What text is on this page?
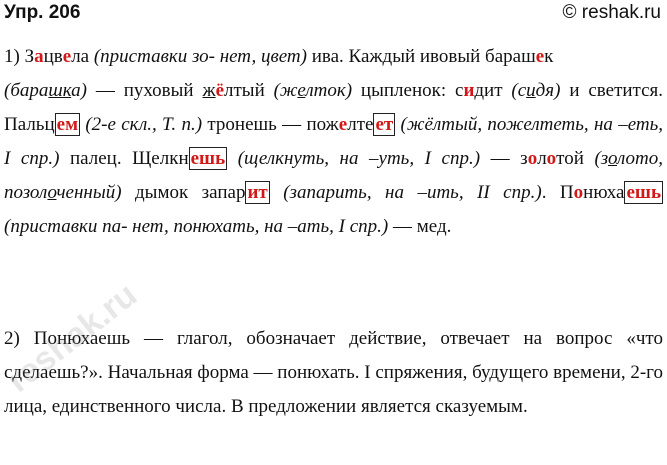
Упр. 206	© reshak.ru
1) Зацвела (приставки зо- нет, цвет) ива. Каждый ивовый барашек
(барашка) — пуховый жёлтый (желток) цыпленок: сидит (сидя) и светится. Пальц ем (2-е скл., Т. п.) тронешь — пожелте ет (жёлтый, пожелтеть, на –еть, I спр.) палец. Щелкн ешь (щелкнуть, на –уть, I спр.) — золотой (золото, позолоченный) дымок запар ит (запарить, на –ить, II спр.). Понюха ешь (приставки па- нет, понюхать, на –ать, I спр.) — мед.
2) Понюхаешь — глагол, обозначает действие, отвечает на вопрос «что сделаешь?». Начальная форма — понюхать. I спряжения, будущего времени, 2-го лица, единственного числа. В предложении является сказуемым.
reshak.ru
